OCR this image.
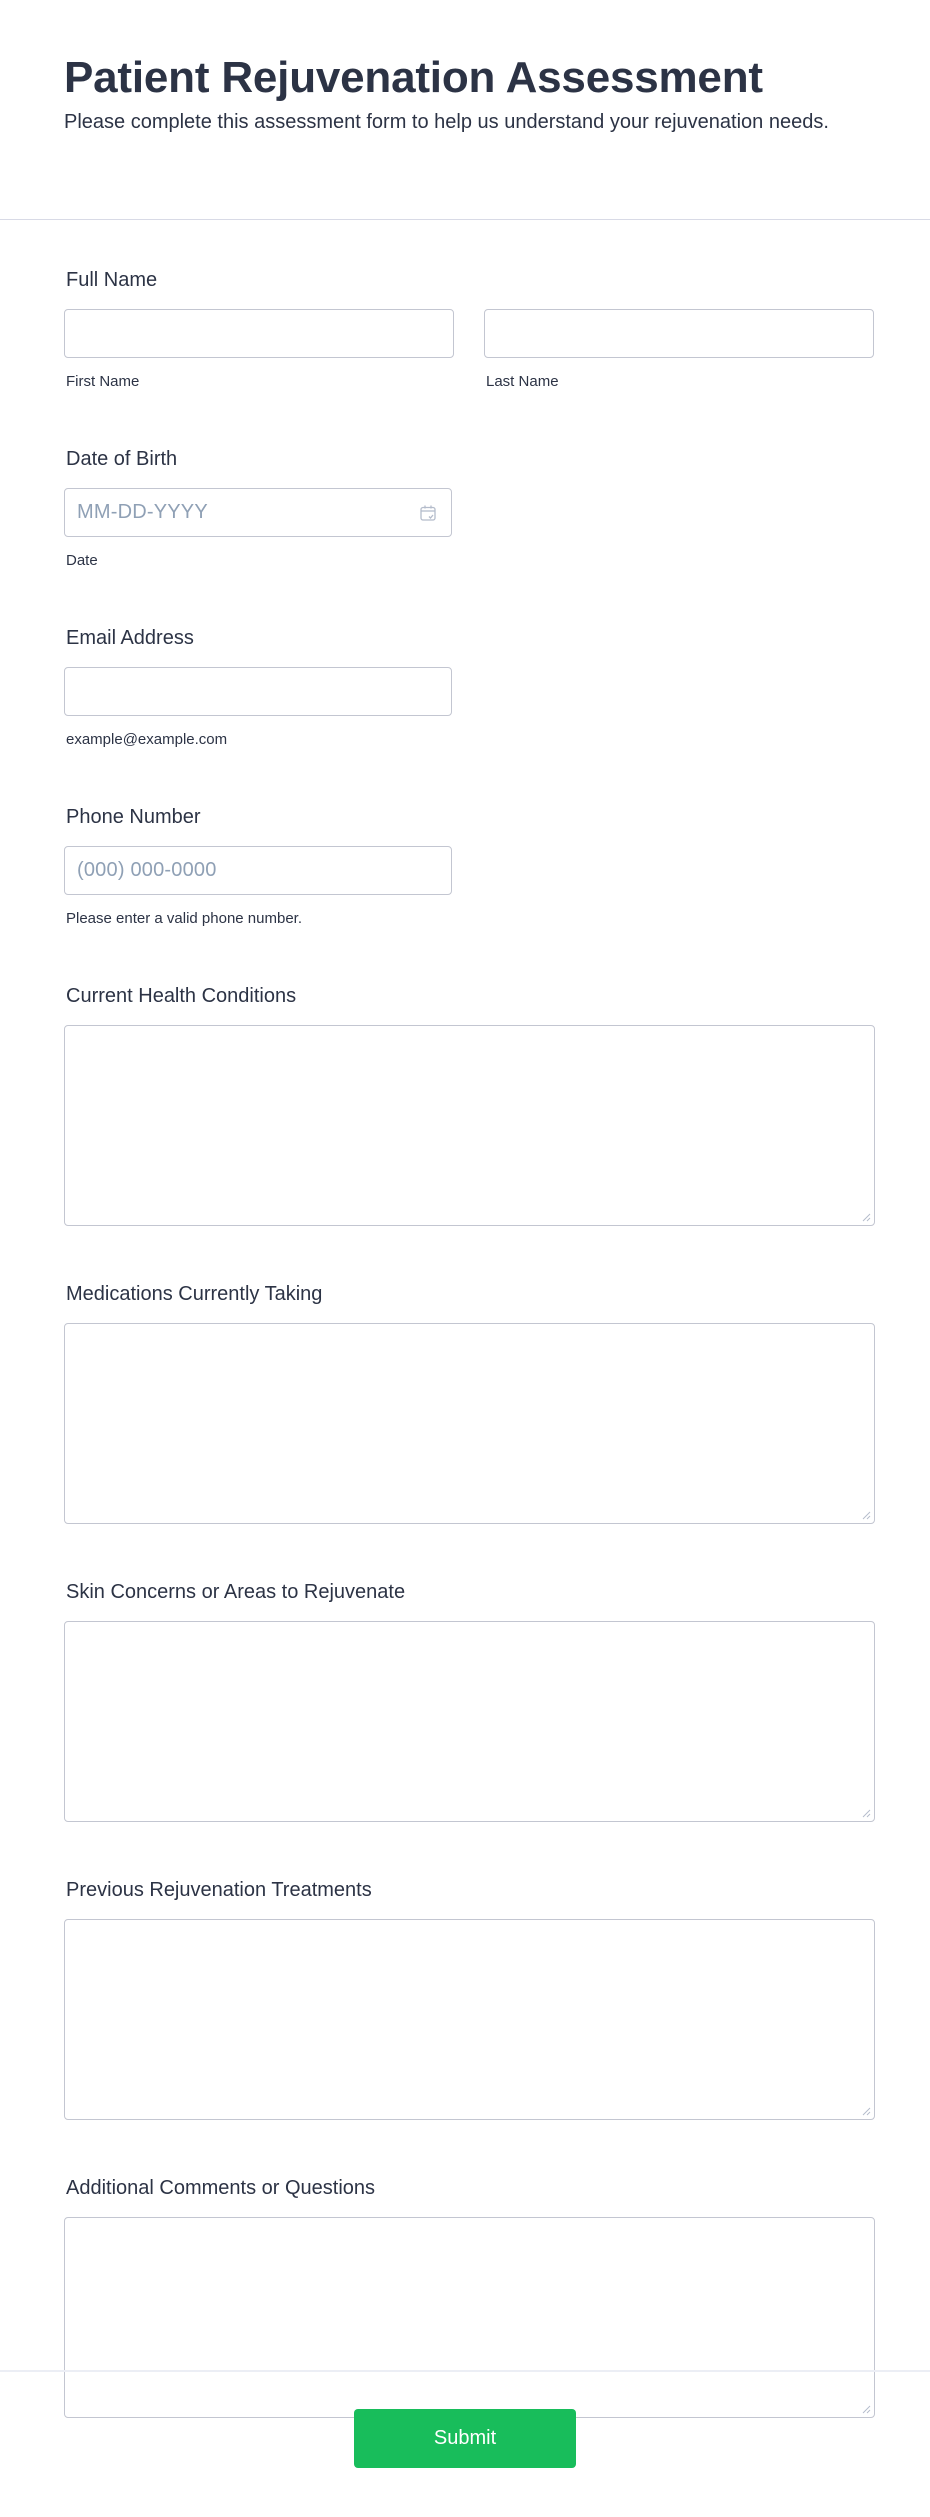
Patient Rejuvenation Assessment

Please complete this assessment form to help us understand your rejuvenation needs.

Full Name
First Name	Last Name
Date of Birth
MM-DD-YYYY
Date
Email Address
example@example.com
Phone Number
(000) 000-0000
Please enter a valid phone number.
Current Health Conditions
Medications Currently Taking
Skin Concerns or Areas to Rejuvenate
Previous Rejuvenation Treatments
Additional Comments or Questions
Submit
